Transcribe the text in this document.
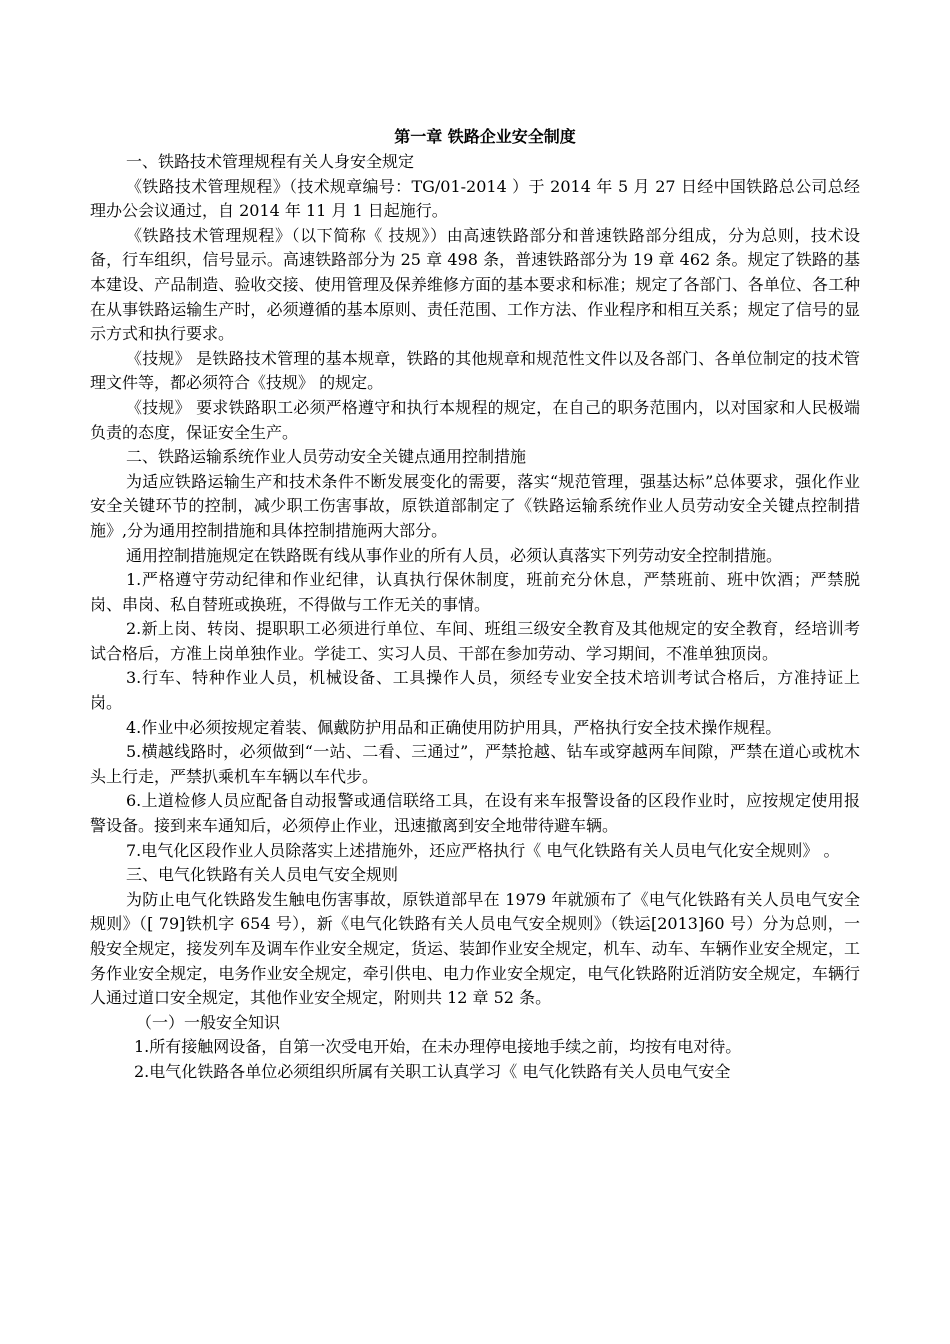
第一章 铁路企业安全制度

一、铁路技术管理规程有关人身安全规定

《铁路技术管理规程》（技术规章编号：TG/01-2014 ）于 2014 年 5 月 27 日经中国铁路总公司总经理办公会议通过，自 2014 年 11 月 1 日起施行。

《铁路技术管理规程》（以下简称《 技规》）由高速铁路部分和普速铁路部分组成，分为总则，技术设备，行车组织，信号显示。高速铁路部分为 25 章 498 条，普速铁路部分为 19 章 462 条。规定了铁路的基本建设、产品制造、验收交接、使用管理及保养维修方面的基本要求和标准；规定了各部门、各单位、各工种在从事铁路运输生产时，必须遵循的基本原则、责任范围、工作方法、作业程序和相互关系；规定了信号的显示方式和执行要求。

《技规》 是铁路技术管理的基本规章，铁路的其他规章和规范性文件以及各部门、各单位制定的技术管理文件等，都必须符合《技规》 的规定。

《技规》 要求铁路职工必须严格遵守和执行本规程的规定，在自己的职务范围内，以对国家和人民极端负责的态度，保证安全生产。

二、铁路运输系统作业人员劳动安全关键点通用控制措施

为适应铁路运输生产和技术条件不断发展变化的需要，落实“规范管理，强基达标”总体要求，强化作业安全关键环节的控制，减少职工伤害事故，原铁道部制定了《铁路运输系统作业人员劳动安全关键点控制措施》,分为通用控制措施和具体控制措施两大部分。

通用控制措施规定在铁路既有线从事作业的所有人员，必须认真落实下列劳动安全控制措施。

1.严格遵守劳动纪律和作业纪律，认真执行保休制度，班前充分休息，严禁班前、班中饮酒；严禁脱岗、串岗、私自替班或换班，不得做与工作无关的事情。

2.新上岗、转岗、提职职工必须进行单位、车间、班组三级安全教育及其他规定的安全教育，经培训考试合格后，方准上岗单独作业。学徒工、实习人员、干部在参加劳动、学习期间，不准单独顶岗。

3.行车、特种作业人员，机械设备、工具操作人员，须经专业安全技术培训考试合格后，方准持证上岗。

4.作业中必须按规定着装、佩戴防护用品和正确使用防护用具，严格执行安全技术操作规程。

5.横越线路时，必须做到“一站、二看、三通过”，严禁抢越、钻车或穿越两车间隙，严禁在道心或枕木头上行走，严禁扒乘机车车辆以车代步。

6.上道检修人员应配备自动报警或通信联络工具，在设有来车报警设备的区段作业时，应按规定使用报警设备。接到来车通知后，必须停止作业，迅速撤离到安全地带待避车辆。

7.电气化区段作业人员除落实上述措施外，还应严格执行《 电气化铁路有关人员电气化安全规则》 。

三、电气化铁路有关人员电气安全规则

为防止电气化铁路发生触电伤害事故，原铁道部早在 1979 年就颁布了《电气化铁路有关人员电气安全规则》（[ 79]铁机字 654 号），新《电气化铁路有关人员电气安全规则》（铁运[2013]60 号）分为总则，一般安全规定，接发列车及调车作业安全规定，货运、装卸作业安全规定，机车、动车、车辆作业安全规定，工务作业安全规定，电务作业安全规定，牵引供电、电力作业安全规定，电气化铁路附近消防安全规定，车辆行人通过道口安全规定，其他作业安全规定，附则共 12 章 52 条。

（一）一般安全知识

1.所有接触网设备，自第一次受电开始，在未办理停电接地手续之前，均按有电对待。

2.电气化铁路各单位必须组织所属有关职工认真学习《 电气化铁路有关人员电气安全
